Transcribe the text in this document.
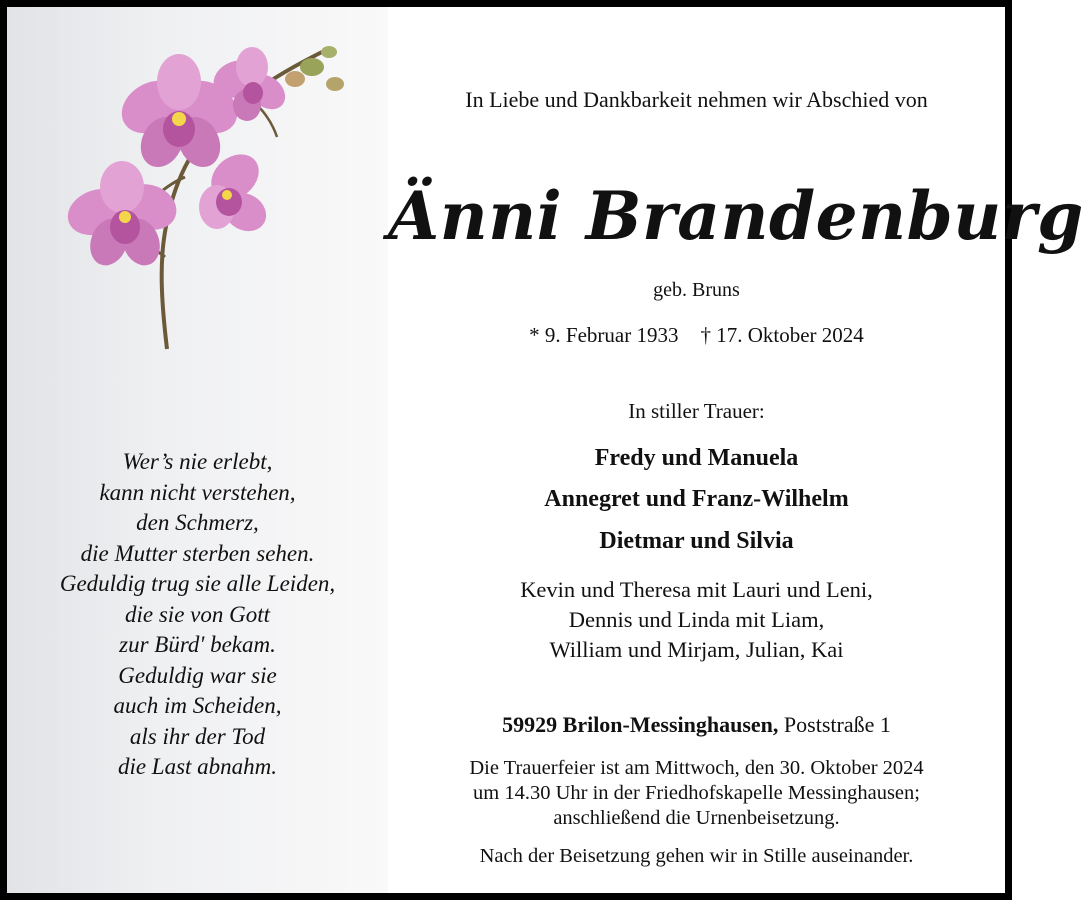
Wer’s nie erlebt,
kann nicht verstehen,
den Schmerz,
die Mutter sterben sehen.
Geduldig trug sie alle Leiden,
die sie von Gott
zur Bürd' bekam.
Geduldig war sie
auch im Scheiden,
als ihr der Tod
die Last abnahm.
In Liebe und Dankbarkeit nehmen wir Abschied von
Änni Brandenburg
geb. Bruns
* 9. Februar 1933 † 17. Oktober 2024
In stiller Trauer:
Fredy und Manuela
Annegret und Franz-Wilhelm
Dietmar und Silvia
Kevin und Theresa mit Lauri und Leni,
Dennis und Linda mit Liam,
William und Mirjam, Julian, Kai
59929 Brilon-Messinghausen, Poststraße 1
Die Trauerfeier ist am Mittwoch, den 30. Oktober 2024
um 14.30 Uhr in der Friedhofskapelle Messinghausen;
anschließend die Urnenbeisetzung.
Nach der Beisetzung gehen wir in Stille auseinander.
